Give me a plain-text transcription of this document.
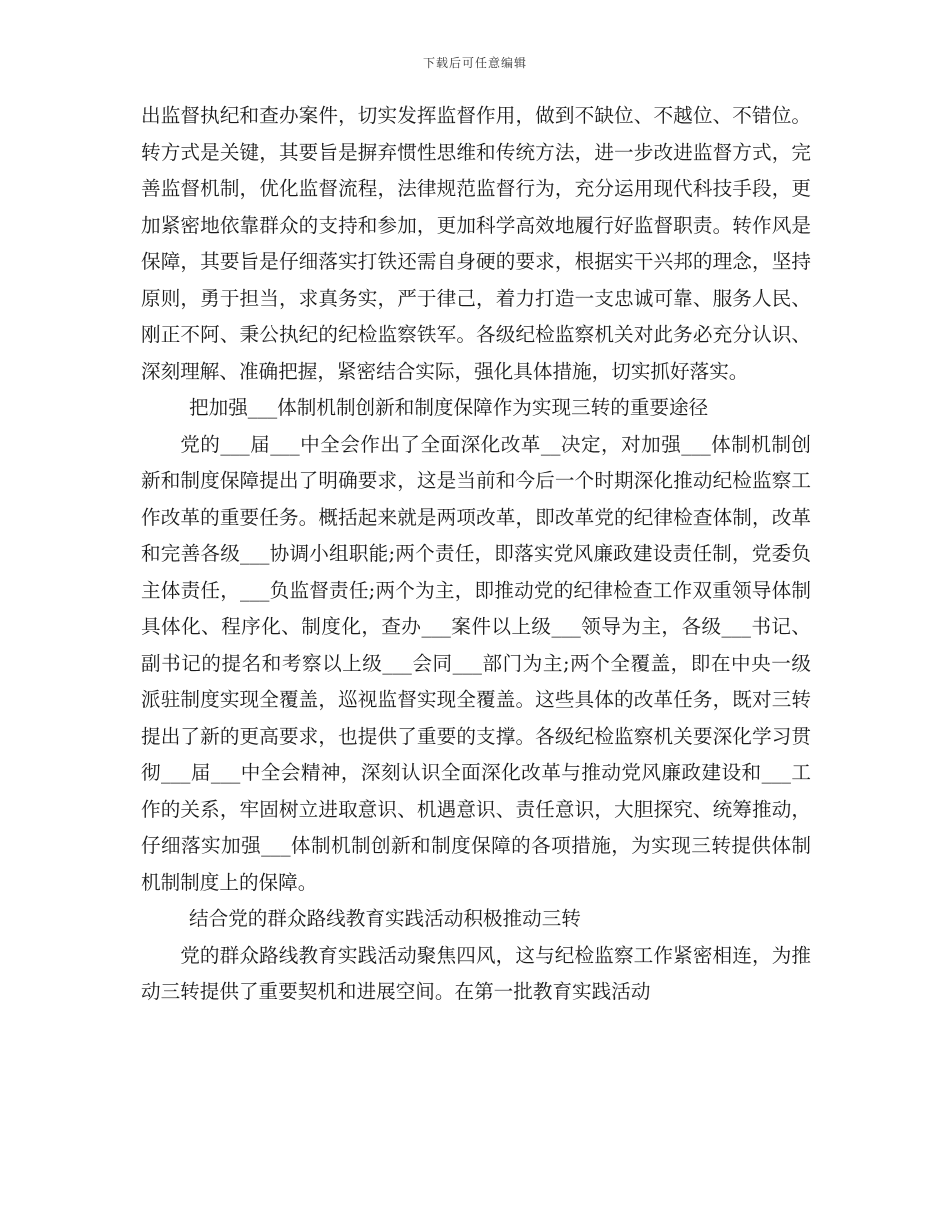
下载后可任意编辑

出监督执纪和查办案件，切实发挥监督作用，做到不缺位、不越位、不错位。转方式是关键，其要旨是摒弃惯性思维和传统方法，进一步改进监督方式，完善监督机制，优化监督流程，法律规范监督行为，充分运用现代科技手段，更加紧密地依靠群众的支持和参加，更加科学高效地履行好监督职责。转作风是保障，其要旨是仔细落实打铁还需自身硬的要求，根据实干兴邦的理念，坚持原则，勇于担当，求真务实，严于律己，着力打造一支忠诚可靠、服务人民、刚正不阿、秉公执纪的纪检监察铁军。各级纪检监察机关对此务必充分认识、深刻理解、准确把握，紧密结合实际，强化具体措施，切实抓好落实。

把加强___体制机制创新和制度保障作为实现三转的重要途径

党的___届___中全会作出了全面深化改革__决定，对加强___体制机制创新和制度保障提出了明确要求，这是当前和今后一个时期深化推动纪检监察工作改革的重要任务。概括起来就是两项改革，即改革党的纪律检查体制，改革和完善各级___协调小组职能;两个责任，即落实党风廉政建设责任制，党委负主体责任，___负监督责任;两个为主，即推动党的纪律检查工作双重领导体制具体化、程序化、制度化，查办___案件以上级___领导为主，各级___书记、副书记的提名和考察以上级___会同___部门为主;两个全覆盖，即在中央一级派驻制度实现全覆盖，巡视监督实现全覆盖。这些具体的改革任务，既对三转提出了新的更高要求，也提供了重要的支撑。各级纪检监察机关要深化学习贯彻___届___中全会精神，深刻认识全面深化改革与推动党风廉政建设和___工作的关系，牢固树立进取意识、机遇意识、责任意识，大胆探究、统筹推动，仔细落实加强___体制机制创新和制度保障的各项措施，为实现三转提供体制机制制度上的保障。

结合党的群众路线教育实践活动积极推动三转

党的群众路线教育实践活动聚焦四风，这与纪检监察工作紧密相连，为推动三转提供了重要契机和进展空间。在第一批教育实践活动
